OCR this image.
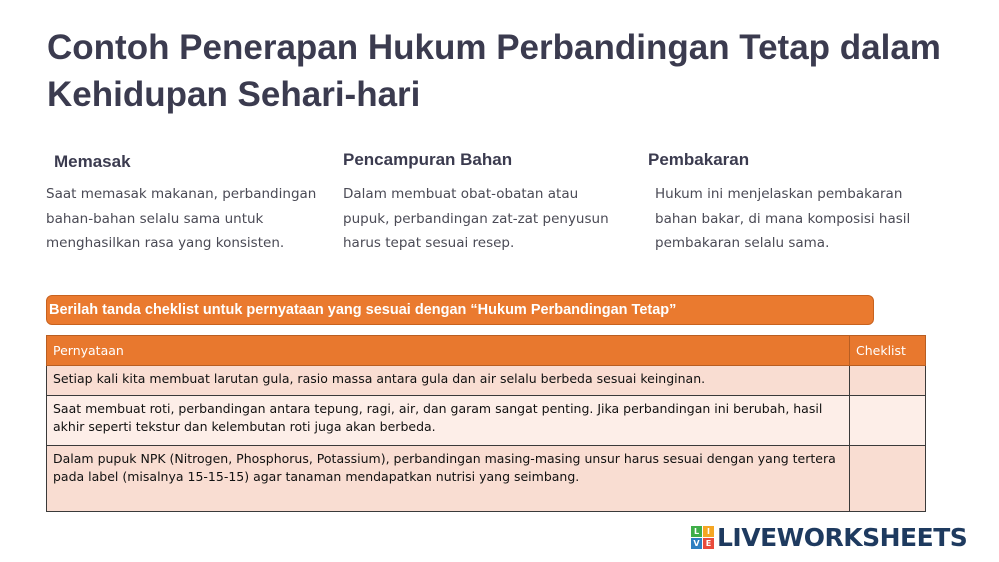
Contoh Penerapan Hukum Perbandingan Tetap dalam Kehidupan Sehari-hari
Memasak
Saat memasak makanan, perbandingan bahan-bahan selalu sama untuk menghasilkan rasa yang konsisten.
Pencampuran Bahan
Dalam membuat obat-obatan atau pupuk, perbandingan zat-zat penyusun harus tepat sesuai resep.
Pembakaran
Hukum ini menjelaskan pembakaran bahan bakar, di mana komposisi hasil pembakaran selalu sama.
Berilah tanda cheklist untuk pernyataan yang sesuai dengan “Hukum Perbandingan Tetap”
Pernyataan	Cheklist
Setiap kali kita membuat larutan gula, rasio massa antara gula dan air selalu berbeda sesuai keinginan.	
Saat membuat roti, perbandingan antara tepung, ragi, air, dan garam sangat penting. Jika perbandingan ini berubah, hasil akhir seperti tekstur dan kelembutan roti juga akan berbeda.	
Dalam pupuk NPK (Nitrogen, Phosphorus, Potassium), perbandingan masing-masing unsur harus sesuai dengan yang tertera pada label (misalnya 15-15-15) agar tanaman mendapatkan nutrisi yang seimbang.	
L I
V E LIVEWORKSHEETS
